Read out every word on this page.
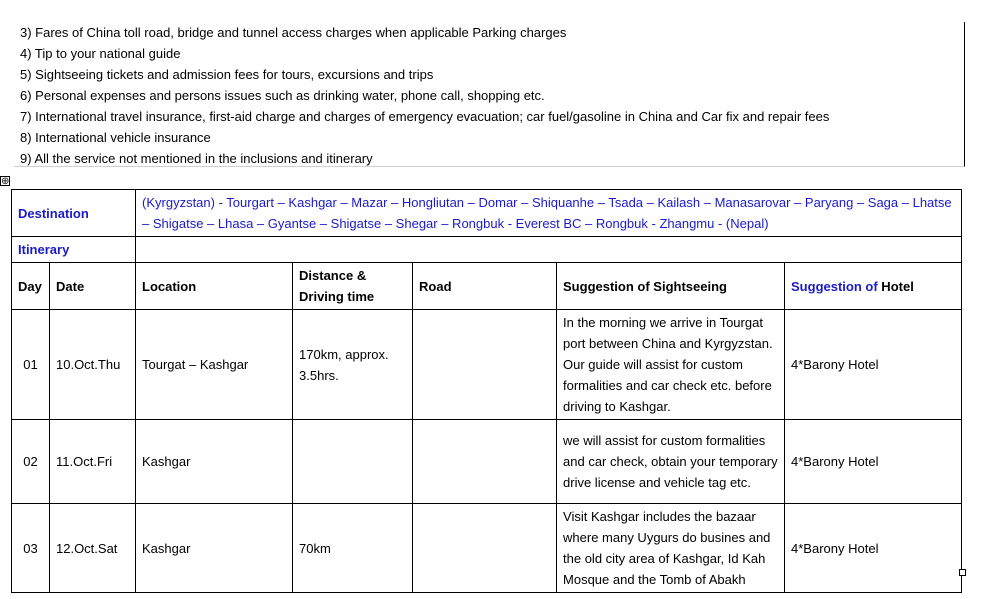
3) Fares of China toll road, bridge and tunnel access charges when applicable Parking charges
4) Tip to your national guide
5) Sightseeing tickets and admission fees for tours, excursions and trips
6) Personal expenses and persons issues such as drinking water, phone call, shopping etc.
7) International travel insurance, first-aid charge and charges of emergency evacuation; car fuel/gasoline in China and Car fix and repair fees
8) International vehicle insurance
9) All the service not mentioned in the inclusions and itinerary
⊕
Destination		(Kyrgyzstan) - Tourgart – Kashgar – Mazar – Hongliutan – Domar – Shiquanhe – Tsada – Kailash – Manasarovar – Paryang – Saga – Lhatse – Shigatse – Lhasa – Gyantse – Shigatse – Shegar – Rongbuk - Everest BC – Rongbuk - Zhangmu - (Nepal)				
Itinerary						
Day	Date	Location	Distance & Driving time	Road	Suggestion of Sightseeing	Suggestion of Hotel
01	10.Oct.Thu	Tourgat – Kashgar	170km, approx. 3.5hrs.		In the morning we arrive in Tourgat port between China and Kyrgyzstan. Our guide will assist for custom formalities and car check etc. before driving to Kashgar.	4*Barony Hotel
02	11.Oct.Fri	Kashgar			we will assist for custom formalities and car check, obtain your temporary drive license and vehicle tag etc.	4*Barony Hotel
03	12.Oct.Sat	Kashgar	70km		Visit Kashgar includes the bazaar where many Uygurs do busines and the old city area of Kashgar, Id Kah Mosque and the Tomb of Abakh	4*Barony Hotel
